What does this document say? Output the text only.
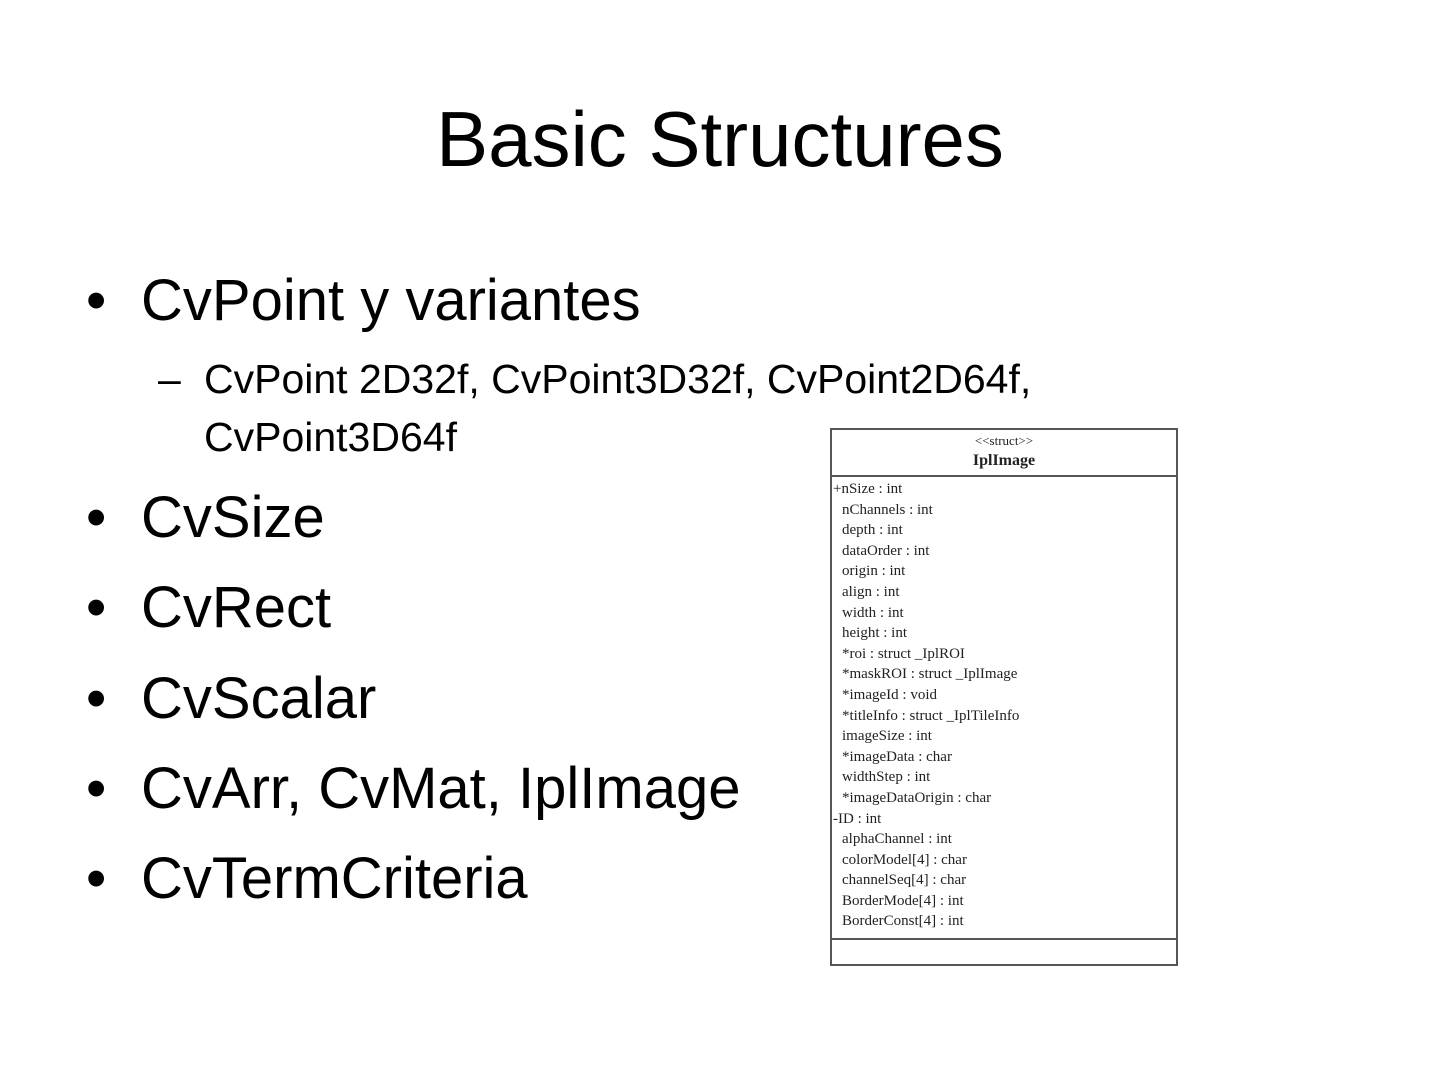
Basic Structures
• CvPoint y variantes
– CvPoint 2D32f, CvPoint3D32f, CvPoint2D64f,
CvPoint3D64f
• CvSize
• CvRect
• CvScalar
• CvArr, CvMat, IplImage
• CvTermCriteria
<<struct>>
IplImage
+nSize : int
nChannels : int
depth : int
dataOrder : int
origin : int
align : int
width : int
height : int
*roi : struct _IplROI
*maskROI : struct _IplImage
*imageId : void
*titleInfo : struct _IplTileInfo
imageSize : int
*imageData : char
widthStep : int
*imageDataOrigin : char
-ID : int
alphaChannel : int
colorModel[4] : char
channelSeq[4] : char
BorderMode[4] : int
BorderConst[4] : int
